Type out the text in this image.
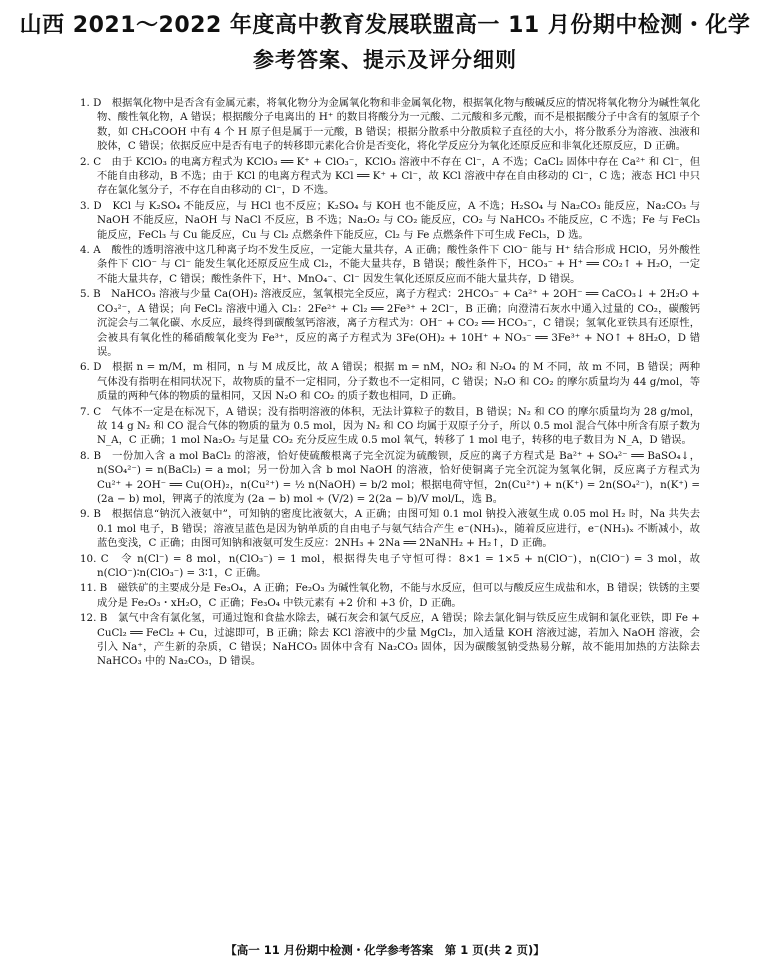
山西 2021～2022 年度高中教育发展联盟高一 11 月份期中检测・化学
参考答案、提示及评分细则

1. D　根据氧化物中是否含有金属元素，将氧化物分为金属氧化物和非金属氧化物，根据氧化物与酸碱反应的情况将氧化物分为碱性氧化物、酸性氧化物，A 错误；根据酸分子电离出的 H⁺ 的数目将酸分为一元酸、二元酸和多元酸，而不是根据酸分子中含有的氢原子个数，如 CH₃COOH 中有 4 个 H 原子但是属于一元酸，B 错误；根据分散系中分散质粒子直径的大小，将分散系分为溶液、浊液和胶体，C 错误；依据反应中是否有电子的转移即元素化合价是否变化，将化学反应分为氧化还原反应和非氧化还原反应，D 正确。

2. C　由于 KClO₃ 的电离方程式为 KClO₃ ══ K⁺ + ClO₃⁻，KClO₃ 溶液中不存在 Cl⁻，A 不选；CaCl₂ 固体中存在 Ca²⁺ 和 Cl⁻，但不能自由移动，B 不选；由于 KCl 的电离方程式为 KCl ══ K⁺ + Cl⁻，故 KCl 溶液中存在自由移动的 Cl⁻，C 选；液态 HCl 中只存在氯化氢分子，不存在自由移动的 Cl⁻，D 不选。

3. D　KCl 与 K₂SO₄ 不能反应，与 HCl 也不反应；K₂SO₄ 与 KOH 也不能反应，A 不选；H₂SO₄ 与 Na₂CO₃ 能反应，Na₂CO₃ 与 NaOH 不能反应，NaOH 与 NaCl 不反应，B 不选；Na₂O₂ 与 CO₂ 能反应，CO₂ 与 NaHCO₃ 不能反应，C 不选；Fe 与 FeCl₃ 能反应，FeCl₃ 与 Cu 能反应，Cu 与 Cl₂ 点燃条件下能反应，Cl₂ 与 Fe 点燃条件下可生成 FeCl₃，D 选。

4. A　酸性的透明溶液中这几种离子均不发生反应，一定能大量共存，A 正确；酸性条件下 ClO⁻ 能与 H⁺ 结合形成 HClO，另外酸性条件下 ClO⁻ 与 Cl⁻ 能发生氧化还原反应生成 Cl₂，不能大量共存，B 错误；酸性条件下，HCO₃⁻ + H⁺ ══ CO₂↑ + H₂O，一定不能大量共存，C 错误；酸性条件下，H⁺、MnO₄⁻、Cl⁻ 因发生氧化还原反应而不能大量共存，D 错误。

5. B　NaHCO₃ 溶液与少量 Ca(OH)₂ 溶液反应，氢氧根完全反应，离子方程式：2HCO₃⁻ + Ca²⁺ + 2OH⁻ ══ CaCO₃↓ + 2H₂O + CO₃²⁻，A 错误；向 FeCl₂ 溶液中通入 Cl₂：2Fe²⁺ + Cl₂ ══ 2Fe³⁺ + 2Cl⁻，B 正确；向澄清石灰水中通入过量的 CO₂，碳酸钙沉淀会与二氧化碳、水反应，最终得到碳酸氢钙溶液，离子方程式为：OH⁻ + CO₂ ══ HCO₃⁻，C 错误；氢氧化亚铁具有还原性，会被具有氧化性的稀硝酸氧化变为 Fe³⁺，反应的离子方程式为 3Fe(OH)₂ + 10H⁺ + NO₃⁻ ══ 3Fe³⁺ + NO↑ + 8H₂O，D 错误。

6. D　根据 n = m/M，m 相同，n 与 M 成反比，故 A 错误；根据 m = nM，NO₂ 和 N₂O₄ 的 M 不同，故 m 不同，B 错误；两种气体没有指明在相同状况下，故物质的量不一定相同，分子数也不一定相同，C 错误；N₂O 和 CO₂ 的摩尔质量均为 44 g/mol，等质量的两种气体的物质的量相同，又因 N₂O 和 CO₂ 的质子数也相同，D 正确。

7. C　气体不一定是在标况下，A 错误；没有指明溶液的体积，无法计算粒子的数目，B 错误；N₂ 和 CO 的摩尔质量均为 28 g/mol，故 14 g N₂ 和 CO 混合气体的物质的量为 0.5 mol，因为 N₂ 和 CO 均属于双原子分子，所以 0.5 mol 混合气体中所含有原子数为 N_A，C 正确；1 mol Na₂O₂ 与足量 CO₂ 充分反应生成 0.5 mol 氧气，转移了 1 mol 电子，转移的电子数目为 N_A，D 错误。

8. B　一份加入含 a mol BaCl₂ 的溶液，恰好使硫酸根离子完全沉淀为硫酸钡，反应的离子方程式是 Ba²⁺ + SO₄²⁻ ══ BaSO₄↓，n(SO₄²⁻) = n(BaCl₂) = a mol；另一份加入含 b mol NaOH 的溶液，恰好使铜离子完全沉淀为氢氧化铜，反应离子方程式为 Cu²⁺ + 2OH⁻ ══ Cu(OH)₂，n(Cu²⁺) = ½ n(NaOH) = b/2 mol；根据电荷守恒，2n(Cu²⁺) + n(K⁺) = 2n(SO₄²⁻)，n(K⁺) = (2a − b) mol，钾离子的浓度为 (2a − b) mol ÷ (V/2) = 2(2a − b)/V mol/L，选 B。

9. B　根据信息“钠沉入液氨中”，可知钠的密度比液氨大，A 正确；由图可知 0.1 mol 钠投入液氨生成 0.05 mol H₂ 时，Na 共失去 0.1 mol 电子，B 错误；溶液呈蓝色是因为钠单质的自由电子与氨气结合产生 e⁻(NH₃)ₓ，随着反应进行，e⁻(NH₃)ₓ 不断减小，故蓝色变浅，C 正确；由图可知钠和液氨可发生反应：2NH₃ + 2Na ══ 2NaNH₂ + H₂↑，D 正确。

10. C　令 n(Cl⁻) = 8 mol，n(ClO₃⁻) = 1 mol，根据得失电子守恒可得：8×1 = 1×5 + n(ClO⁻)，n(ClO⁻) = 3 mol，故 n(ClO⁻)∶n(ClO₃⁻) = 3∶1，C 正确。

11. B　磁铁矿的主要成分是 Fe₃O₄，A 正确；Fe₂O₃ 为碱性氧化物，不能与水反应，但可以与酸反应生成盐和水，B 错误；铁锈的主要成分是 Fe₂O₃・xH₂O，C 正确；Fe₃O₄ 中铁元素有 +2 价和 +3 价，D 正确。

12. B　氯气中含有氯化氢，可通过饱和食盐水除去，碱石灰会和氯气反应，A 错误；除去氯化铜与铁反应生成铜和氯化亚铁，即 Fe + CuCl₂ ══ FeCl₂ + Cu，过滤即可，B 正确；除去 KCl 溶液中的少量 MgCl₂，加入适量 KOH 溶液过滤，若加入 NaOH 溶液，会引入 Na⁺，产生新的杂质，C 错误；NaHCO₃ 固体中含有 Na₂CO₃ 固体，因为碳酸氢钠受热易分解，故不能用加热的方法除去 NaHCO₃ 中的 Na₂CO₃，D 错误。

【高一 11 月份期中检测・化学参考答案　第 1 页(共 2 页)】
